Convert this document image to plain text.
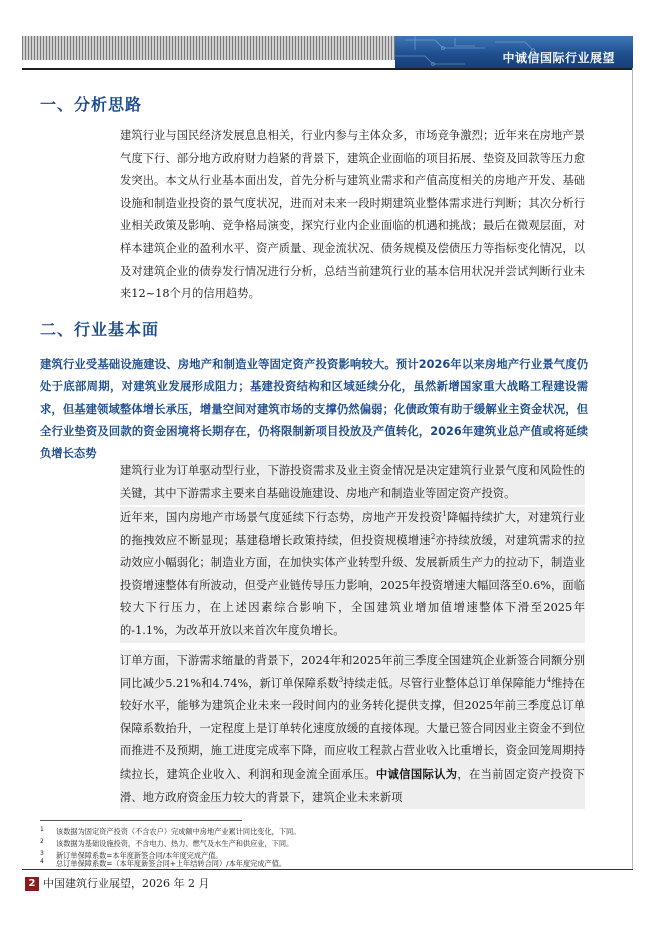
中诚信国际行业展望
一、分析思路

建筑行业与国民经济发展息息相关，行业内参与主体众多，市场竞争激烈；近年来在房地产景气度下行、部分地方政府财力趋紧的背景下，建筑企业面临的项目拓展、垫资及回款等压力愈发突出。本文从行业基本面出发，首先分析与建筑业需求和产值高度相关的房地产开发、基础设施和制造业投资的景气度状况，进而对未来一段时期建筑业整体需求进行判断；其次分析行业相关政策及影响、竞争格局演变，探究行业内企业面临的机遇和挑战；最后在微观层面，对样本建筑企业的盈利水平、资产质量、现金流状况、债务规模及偿债压力等指标变化情况，以及对建筑企业的债券发行情况进行分析，总结当前建筑行业的基本信用状况并尝试判断行业未来12~18个月的信用趋势。

二、行业基本面

建筑行业受基础设施建设、房地产和制造业等固定资产投资影响较大。预计2026年以来房地产行业景气度仍处于底部周期，对建筑业发展形成阻力；基建投资结构和区域延续分化，虽然新增国家重大战略工程建设需求，但基建领域整体增长承压，增量空间对建筑市场的支撑仍然偏弱；化债政策有助于缓解业主资金状况，但全行业垫资及回款的资金困境将长期存在，仍将限制新项目投放及产值转化，2026年建筑业总产值或将延续负增长态势

建筑行业为订单驱动型行业，下游投资需求及业主资金情况是决定建筑行业景气度和风险性的关键，其中下游需求主要来自基础设施建设、房地产和制造业等固定资产投资。

近年来，国内房地产市场景气度延续下行态势，房地产开发投资$^1$降幅持续扩大，对建筑行业的拖拽效应不断显现；基建稳增长政策持续，但投资规模增速$^2$亦持续放缓，对建筑需求的拉动效应小幅弱化；制造业方面，在加快实体产业转型升级、发展新质生产力的拉动下，制造业投资增速整体有所波动，但受产业链传导压力影响，2025年投资增速大幅回落至0.6%，面临较大下行压力，在上述因素综合影响下，全国建筑业增加值增速整体下滑至2025年的-1.1%，为改革开放以来首次年度负增长。

订单方面，下游需求缩量的背景下，2024年和2025年前三季度全国建筑企业新签合同额分别同比减少5.21%和4.74%，新订单保障系数$^3$持续走低。尽管行业整体总订单保障能力$^4$维持在较好水平，能够为建筑企业未来一段时间内的业务转化提供支撑，但2025年前三季度总订单保障系数抬升，一定程度上是订单转化速度放缓的直接体现。大量已签合同因业主资金不到位而推进不及预期，施工进度完成率下降，而应收工程款占营业收入比重增长，资金回笼周期持续拉长，建筑企业收入、利润和现金流全面承压。中诚信国际认为，在当前固定资产投资下滑、地方政府资金压力较大的背景下，建筑企业未来新项

1 该数据为固定资产投资（不含农户）完成额中房地产业累计同比变化，下同。

2 该数据为基础设施投资，不含电力、热力、燃气及水生产和供应业，下同。

3 新订单保障系数=本年度新签合同/本年度完成产值。

4 总订单保障系数=（本年度新签合同+上年结转合同）/本年度完成产值。

2 中国建筑行业展望，2026 年 2 月
